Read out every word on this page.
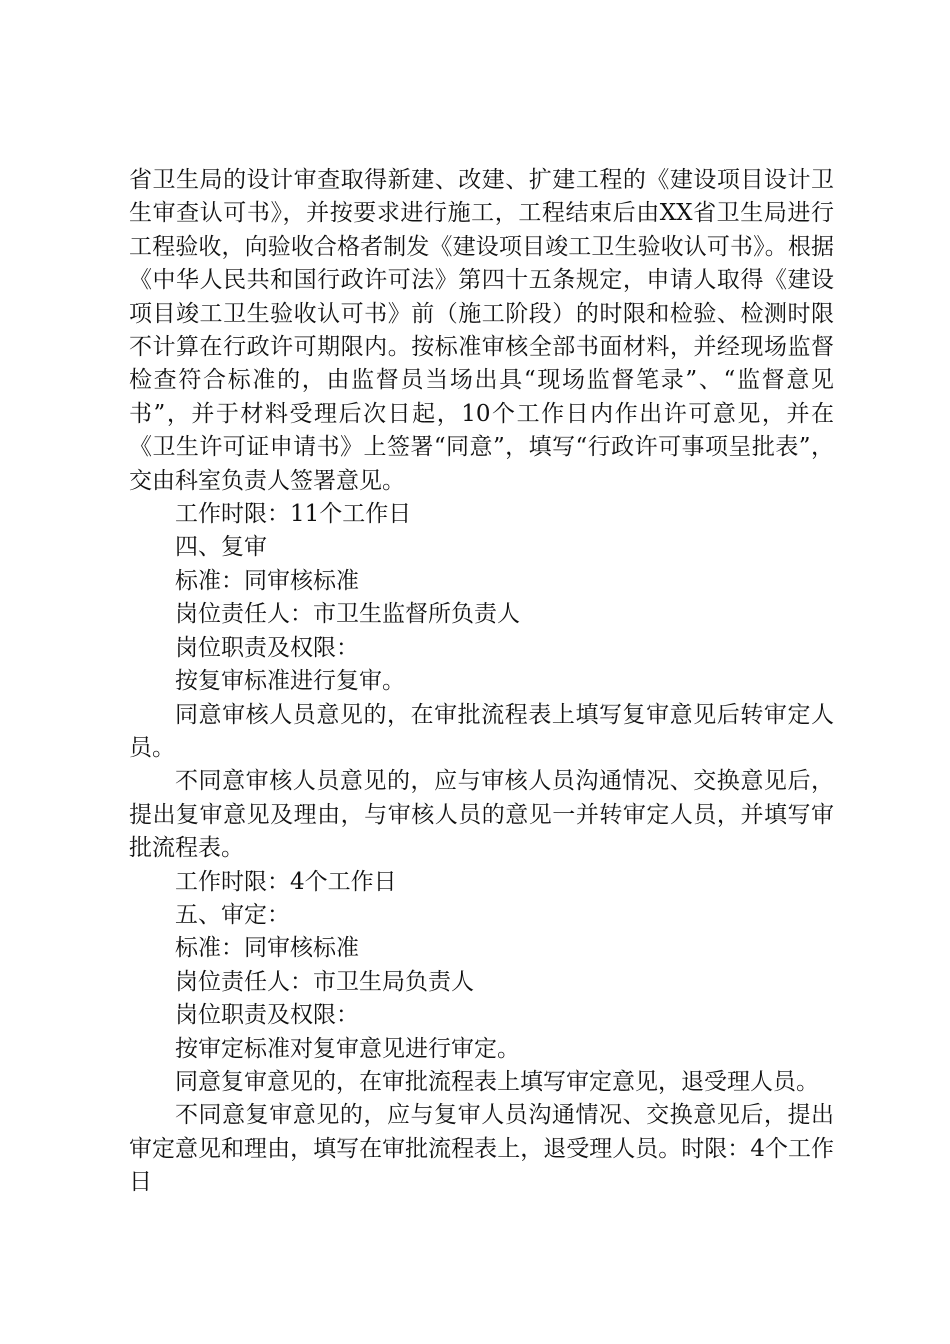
省卫生局的设计审查取得新建、改建、扩建工程的《建设项目设计卫生审查认可书》，并按要求进行施工，工程结束后由XX省卫生局进行工程验收，向验收合格者制发《建设项目竣工卫生验收认可书》。根据《中华人民共和国行政许可法》第四十五条规定，申请人取得《建设项目竣工卫生验收认可书》前（施工阶段）的时限和检验、检测时限不计算在行政许可期限内。按标准审核全部书面材料，并经现场监督检查符合标准的，由监督员当场出具“现场监督笔录”、“监督意见书”，并于材料受理后次日起，10个工作日内作出许可意见，并在《卫生许可证申请书》上签署“同意”，填写“行政许可事项呈批表”，交由科室负责人签署意见。

工作时限：11个工作日

四、复审

标准：同审核标准

岗位责任人：市卫生监督所负责人

岗位职责及权限：

按复审标准进行复审。

同意审核人员意见的，在审批流程表上填写复审意见后转审定人员。

不同意审核人员意见的，应与审核人员沟通情况、交换意见后，提出复审意见及理由，与审核人员的意见一并转审定人员，并填写审批流程表。

工作时限：4个工作日

五、审定：

标准：同审核标准

岗位责任人：市卫生局负责人

岗位职责及权限：

按审定标准对复审意见进行审定。

同意复审意见的，在审批流程表上填写审定意见，退受理人员。

不同意复审意见的，应与复审人员沟通情况、交换意见后，提出审定意见和理由，填写在审批流程表上，退受理人员。时限：4个工作日
